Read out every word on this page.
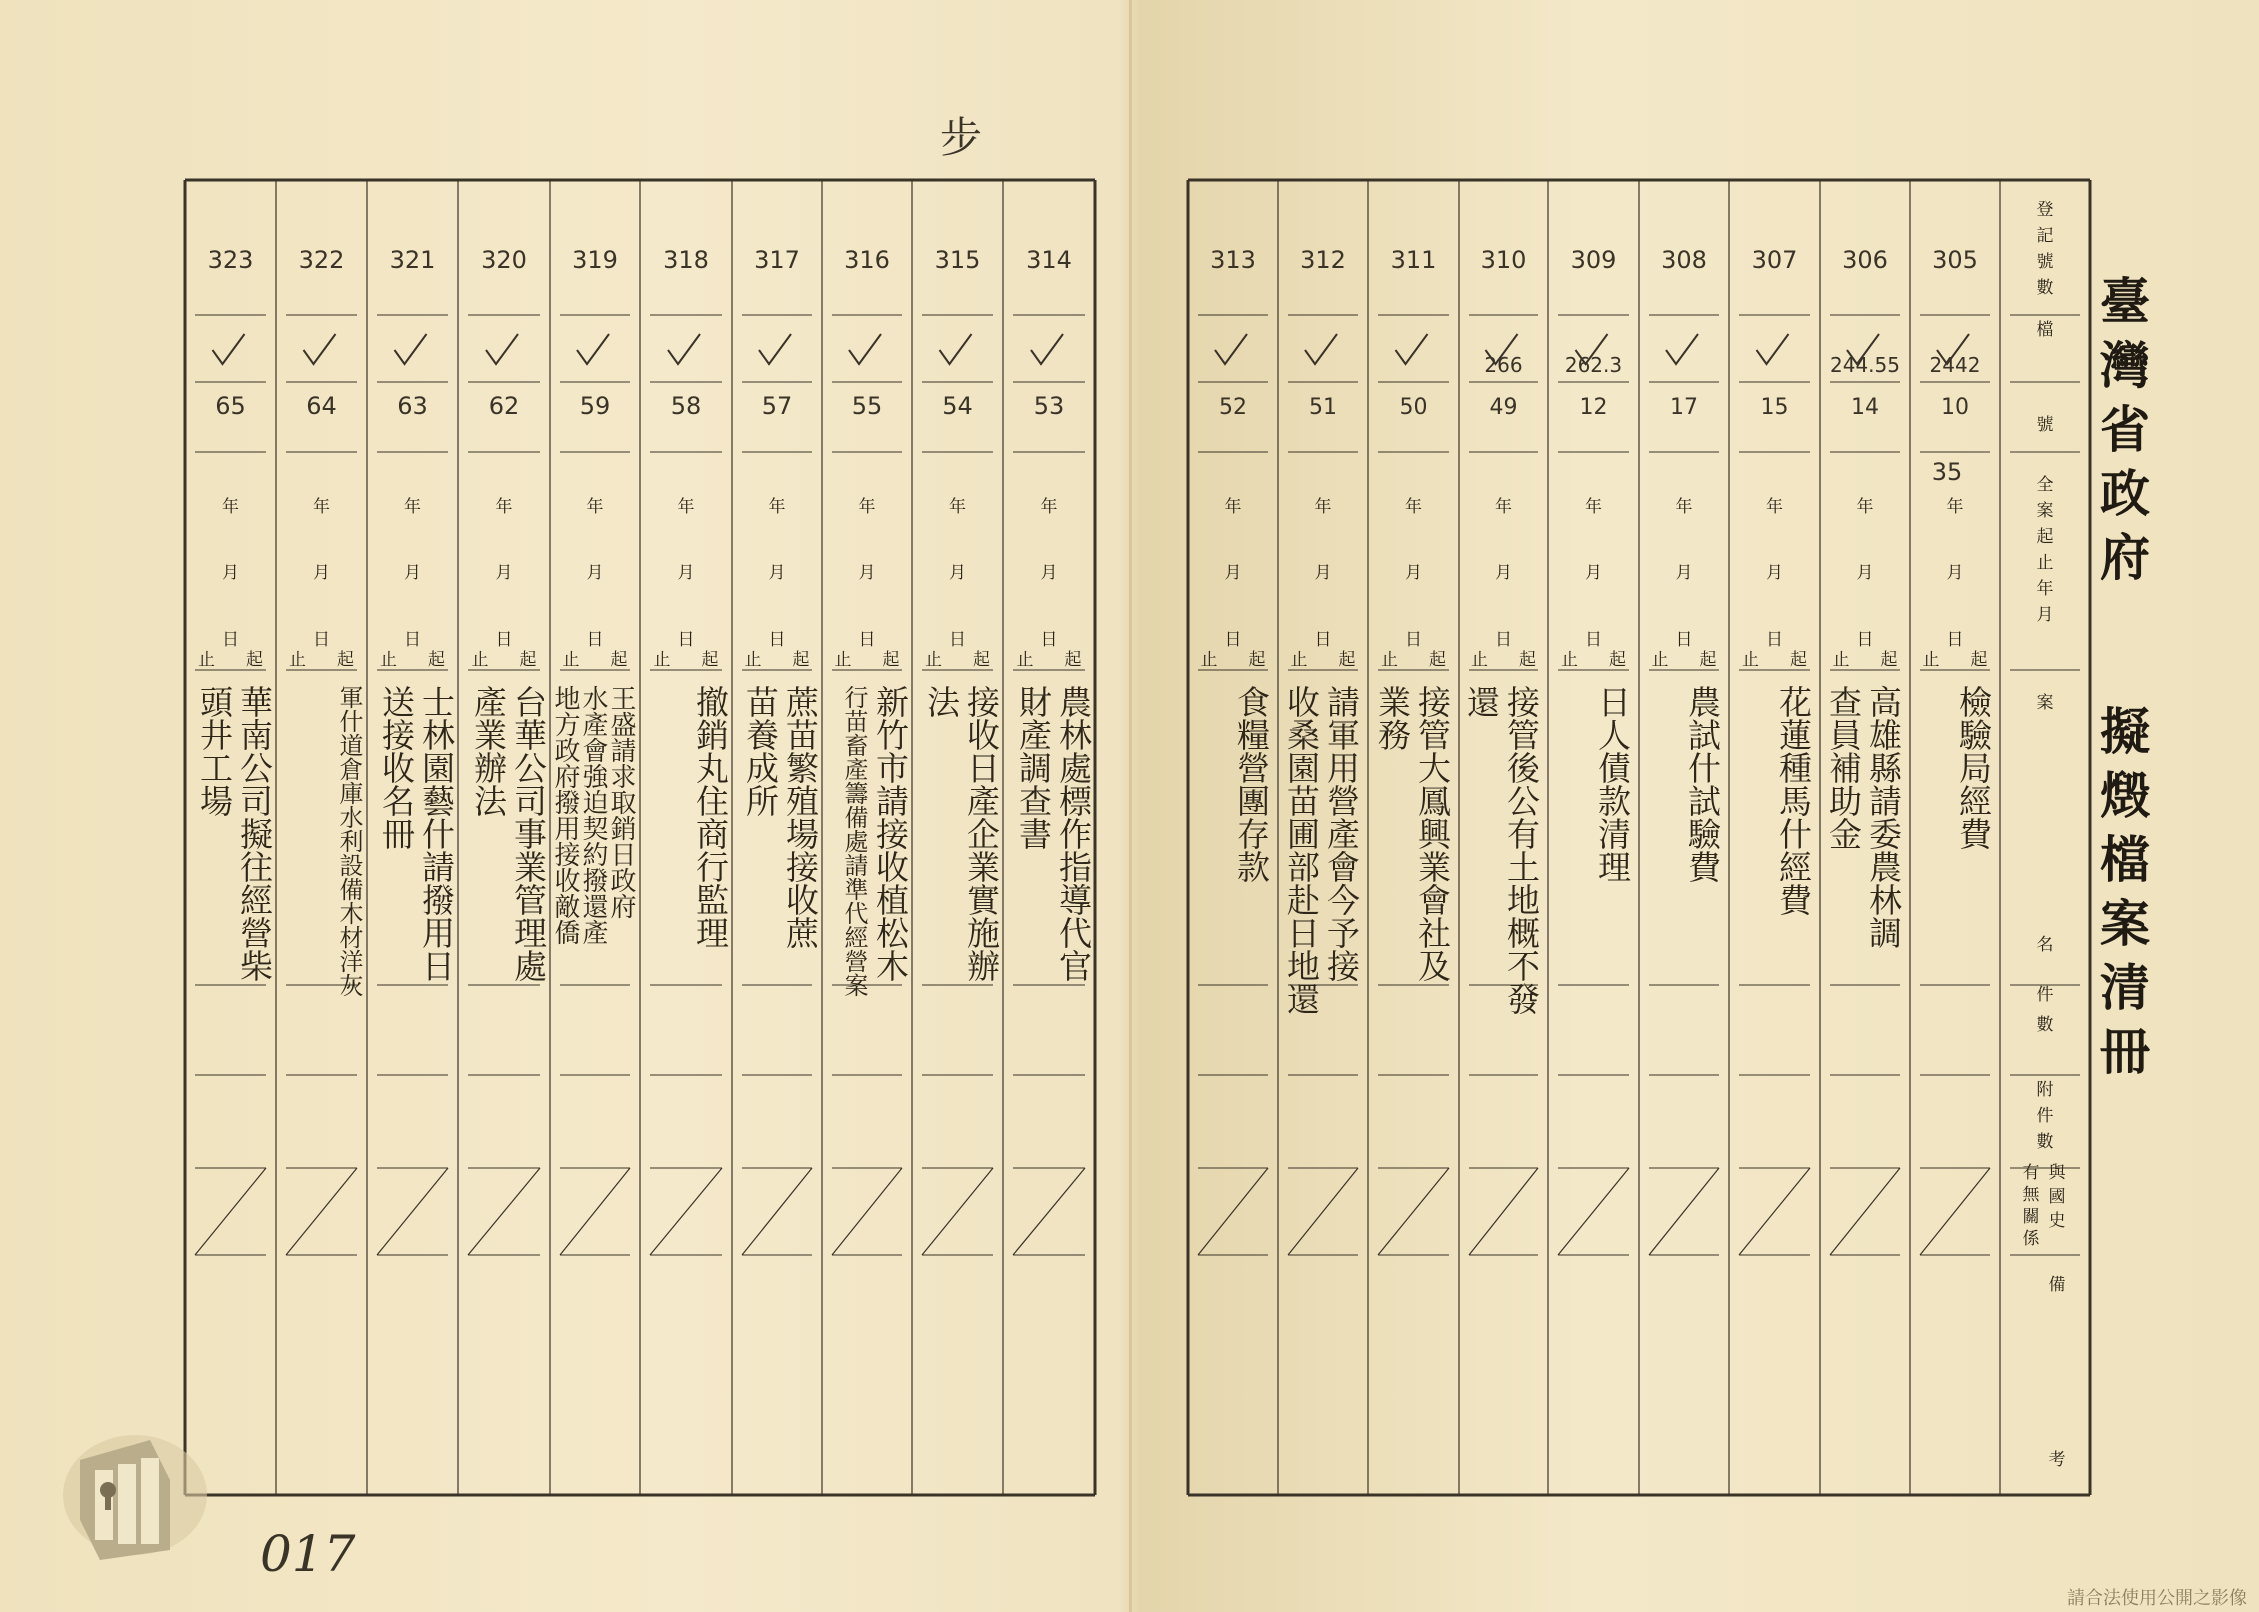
步
臺灣省政府
擬燬檔案清冊
305
2442
10
35
306
244.55
14
307
15
308
17
309
262.3
12
310
266
49
311
50
312
51
313
52
314
53
315
54
316
55
317
57
318
58
319
59
320
62
321
63
322
64
323
65
登
記
號
數
檔
號
全
案
起
止
年
月
案
名
件
數
附
件
數
與
國
史
有
無
關
係
備
考
年
月
日
止 起
年
月
日
止 起
年
月
日
止 起
年
月
日
止 起
年
月
日
止 起
年
月
日
止 起
年
月
日
止 起
年
月
日
止 起
年
月
日
止 起
年
月
日
止 起
年
月
日
止 起
年
月
日
止 起
年
月
日
止 起
年
月
日
止 起
年
月
日
止 起
年
月
日
止 起
年
月
日
止 起
年
月
日
止 起
年
月
日
止 起
檢驗局經費
高雄縣請委農林調
查員補助金
花蓮種馬什經費
農試什試驗費
日人債款清理
接管後公有土地概不發
還
接管大鳳興業會社及
業務
請軍用營產會今予接
收桑園苗圃部赴日地還
食糧營團存款
農林處標作指導代官
財產調查書
接收日產企業實施辦
法
新竹市請接收植松木
行苗畜產籌備處請準代經營案
蔗苗繁殖場接收蔗
苗養成所
撤銷丸住商行監理
王盛請求取銷日政府
水產會強迫契約撥還產
地方政府撥用接收敵僑
台華公司事業管理處
產業辦法
士林園藝什請撥用日
送接收名冊
軍什道倉庫水利設備木材洋灰
華南公司擬往經營柴
頭井工場
017
請合法使用公開之影像
